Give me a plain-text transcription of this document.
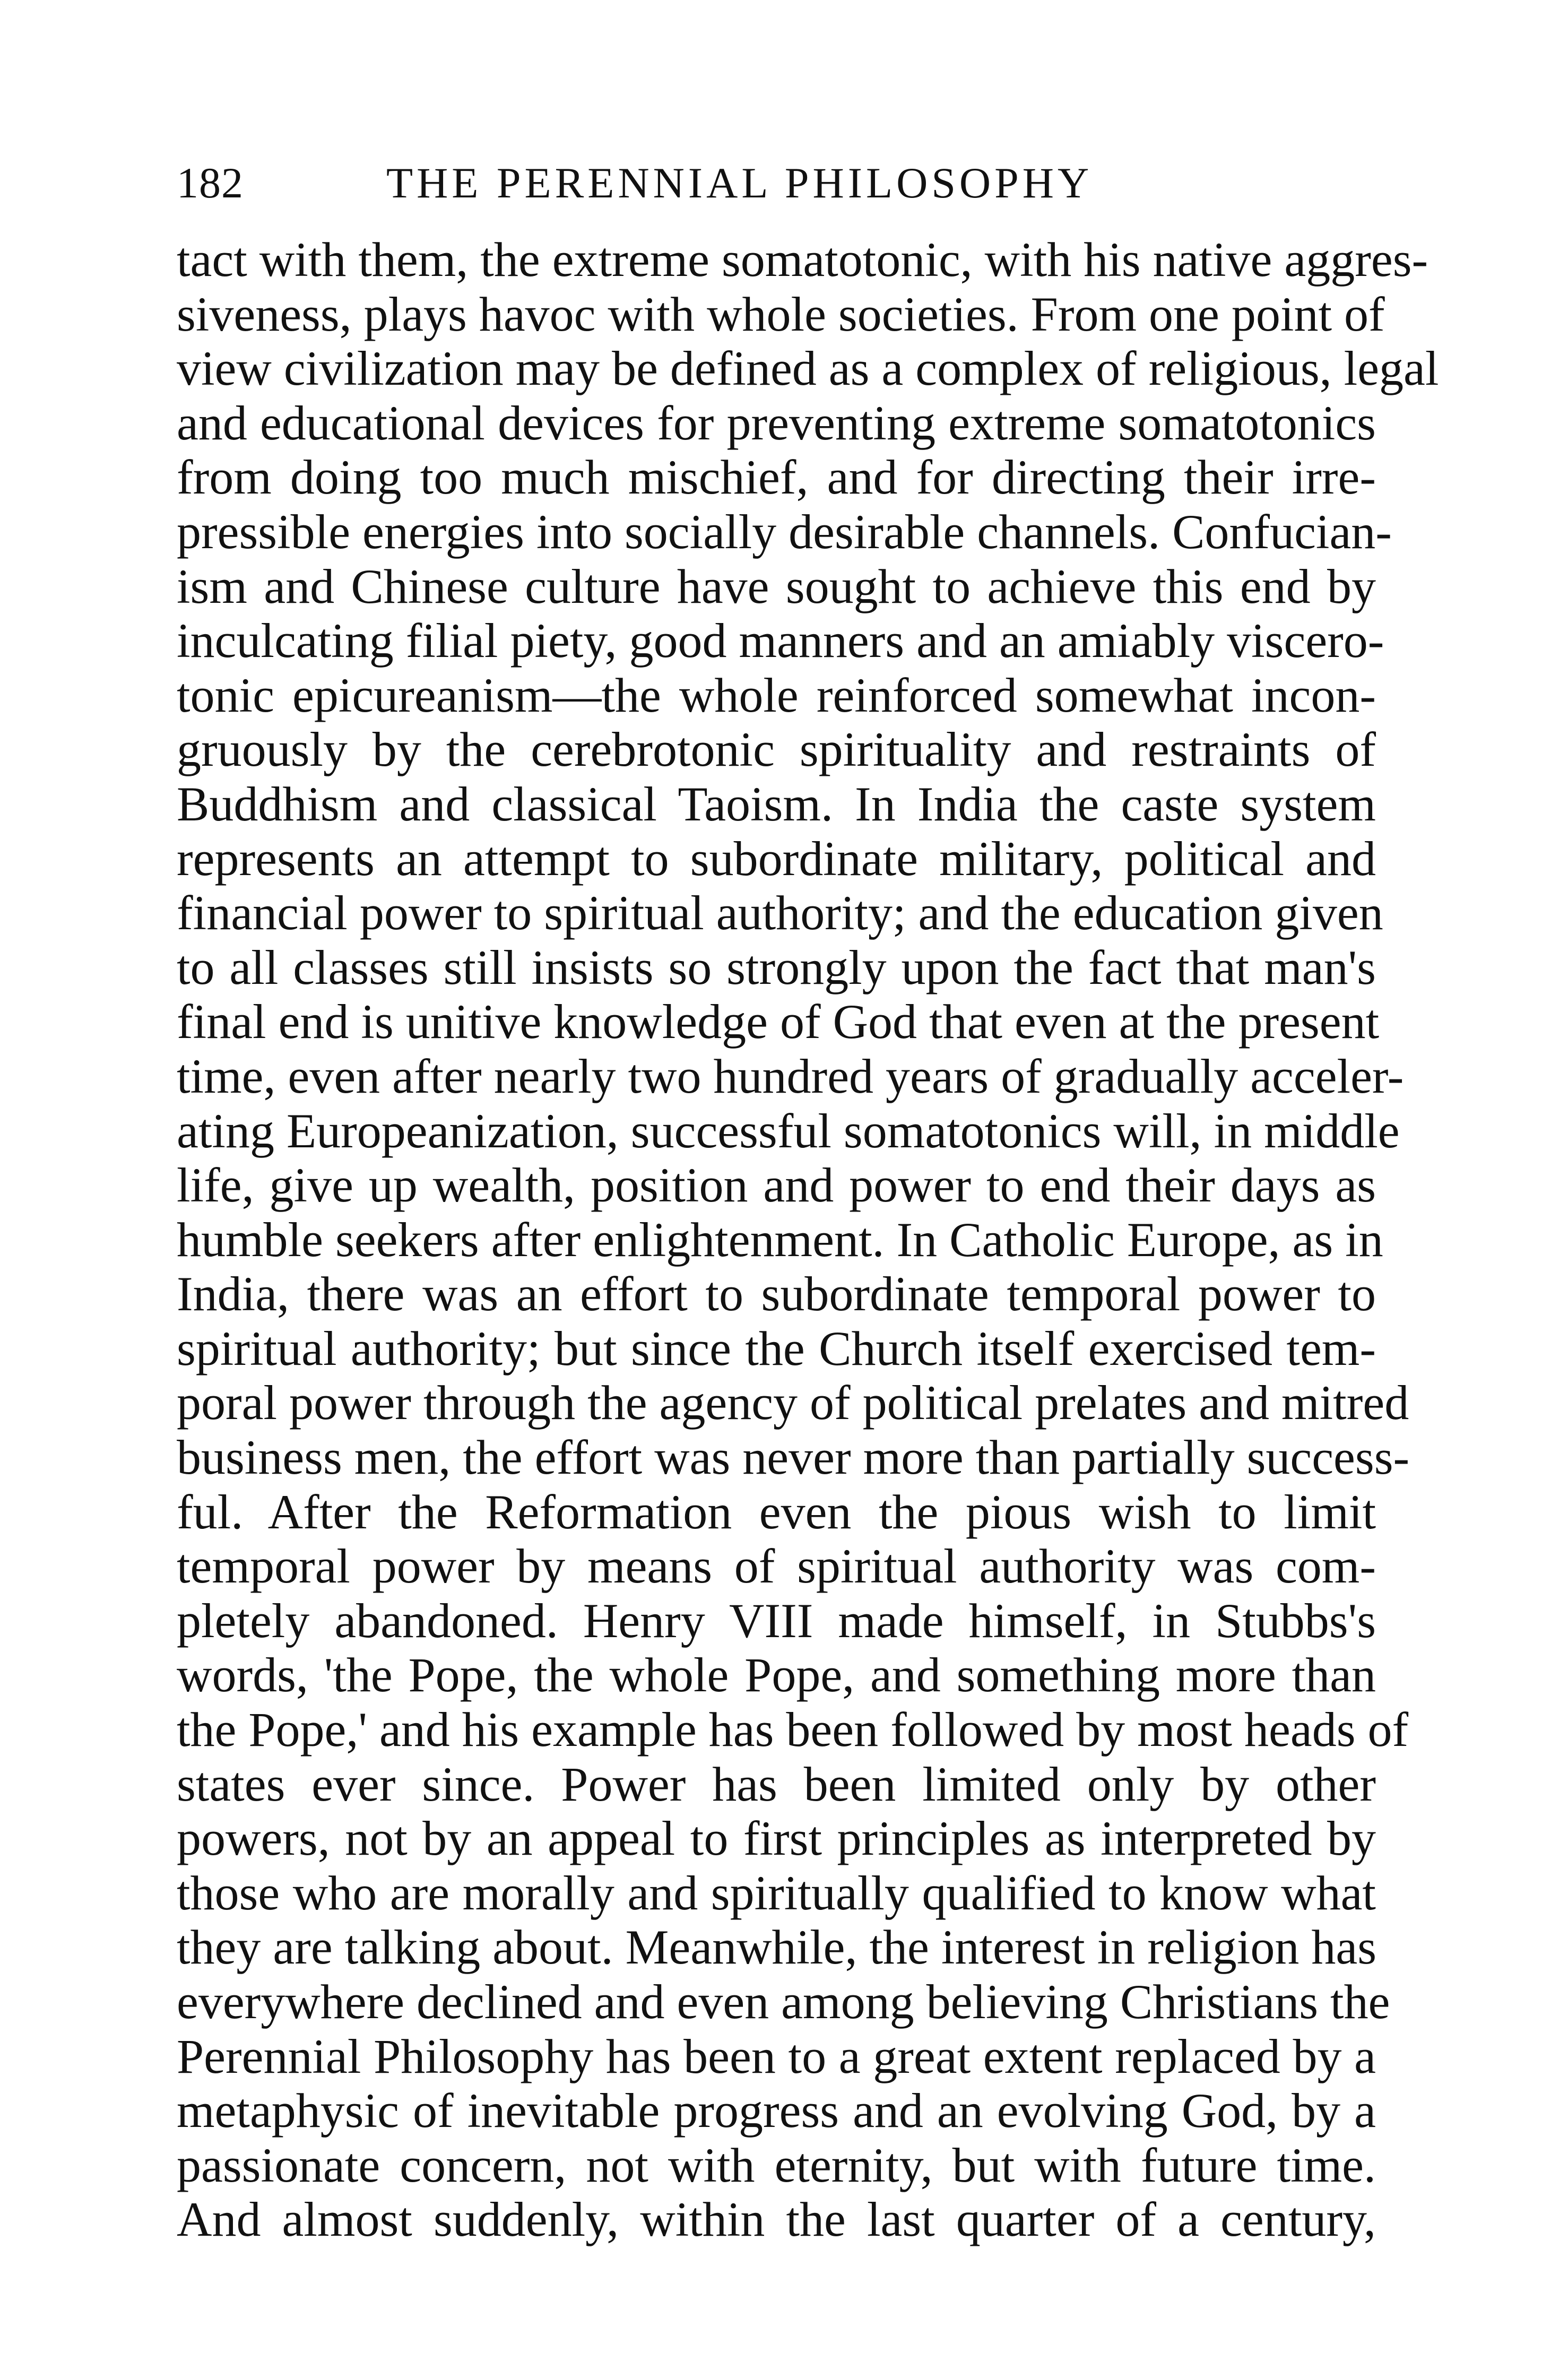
182	THE PERENNIAL PHILOSOPHY
tact with them, the extreme somatotonic, with his native aggres-
siveness, plays havoc with whole societies. From one point of
view civilization may be defined as a complex of religious, legal
and educational devices for preventing extreme somatotonics
from doing too much mischief, and for directing their irre-
pressible energies into socially desirable channels. Confucian-
ism and Chinese culture have sought to achieve this end by
inculcating filial piety, good manners and an amiably viscero-
tonic epicureanism—the whole reinforced somewhat incon-
gruously by the cerebrotonic spirituality and restraints of
Buddhism and classical Taoism. In India the caste system
represents an attempt to subordinate military, political and
financial power to spiritual authority; and the education given
to all classes still insists so strongly upon the fact that man's
final end is unitive knowledge of God that even at the present
time, even after nearly two hundred years of gradually acceler-
ating Europeanization, successful somatotonics will, in middle
life, give up wealth, position and power to end their days as
humble seekers after enlightenment. In Catholic Europe, as in
India, there was an effort to subordinate temporal power to
spiritual authority; but since the Church itself exercised tem-
poral power through the agency of political prelates and mitred
business men, the effort was never more than partially success-
ful. After the Reformation even the pious wish to limit
temporal power by means of spiritual authority was com-
pletely abandoned. Henry VIII made himself, in Stubbs's
words, 'the Pope, the whole Pope, and something more than
the Pope,' and his example has been followed by most heads of
states ever since. Power has been limited only by other
powers, not by an appeal to first principles as interpreted by
those who are morally and spiritually qualified to know what
they are talking about. Meanwhile, the interest in religion has
everywhere declined and even among believing Christians the
Perennial Philosophy has been to a great extent replaced by a
metaphysic of inevitable progress and an evolving God, by a
passionate concern, not with eternity, but with future time.
And almost suddenly, within the last quarter of a century,
